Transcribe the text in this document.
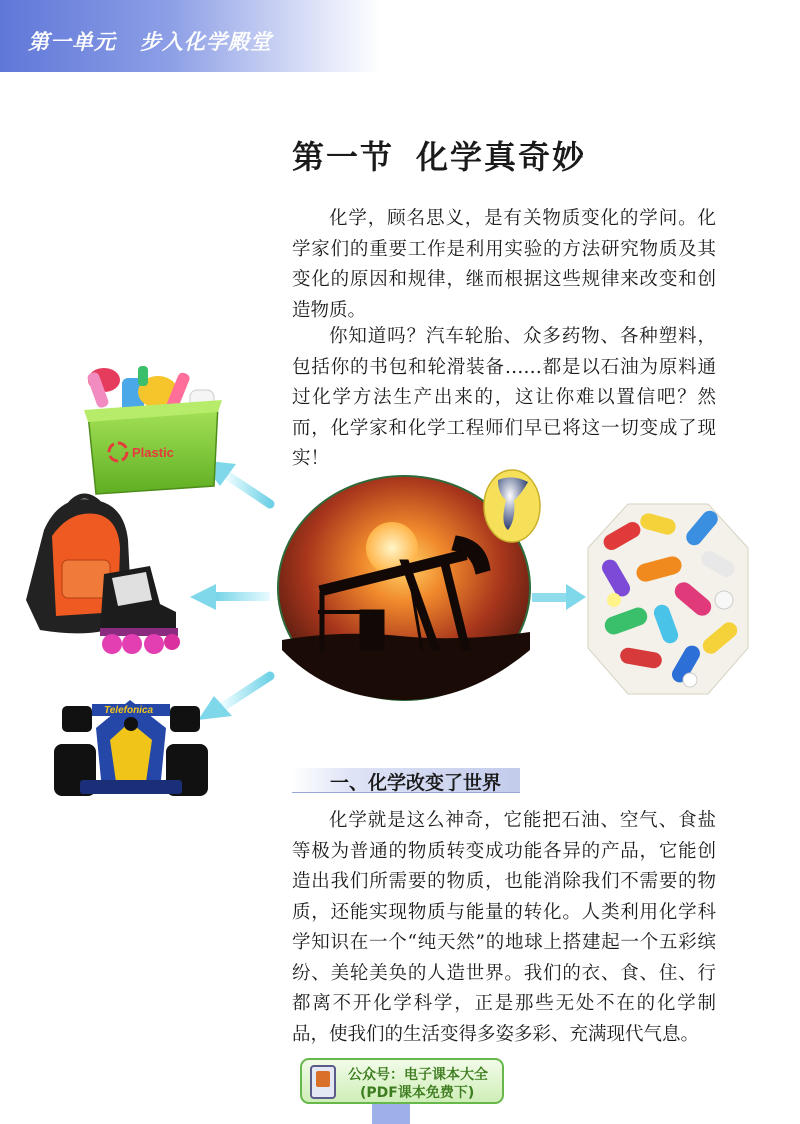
第一单元 步入化学殿堂
第一节 化学真奇妙

化学，顾名思义，是有关物质变化的学问。化学家们的重要工作是利用实验的方法研究物质及其变化的原因和规律，继而根据这些规律来改变和创造物质。

你知道吗？汽车轮胎、众多药物、各种塑料，包括你的书包和轮滑装备……都是以石油为原料通过化学方法生产出来的，这让你难以置信吧？然而，化学家和化学工程师们早已将这一切变成了现实！

Plastic
Telefonica
一、化学改变了世界

化学就是这么神奇，它能把石油、空气、食盐等极为普通的物质转变成功能各异的产品，它能创造出我们所需要的物质，也能消除我们不需要的物质，还能实现物质与能量的转化。人类利用化学科学知识在一个“纯天然”的地球上搭建起一个五彩缤纷、美轮美奂的人造世界。我们的衣、食、住、行都离不开化学科学，正是那些无处不在的化学制品，使我们的生活变得多姿多彩、充满现代气息。

公众号：电子课本大全
(PDF课本免费下)
